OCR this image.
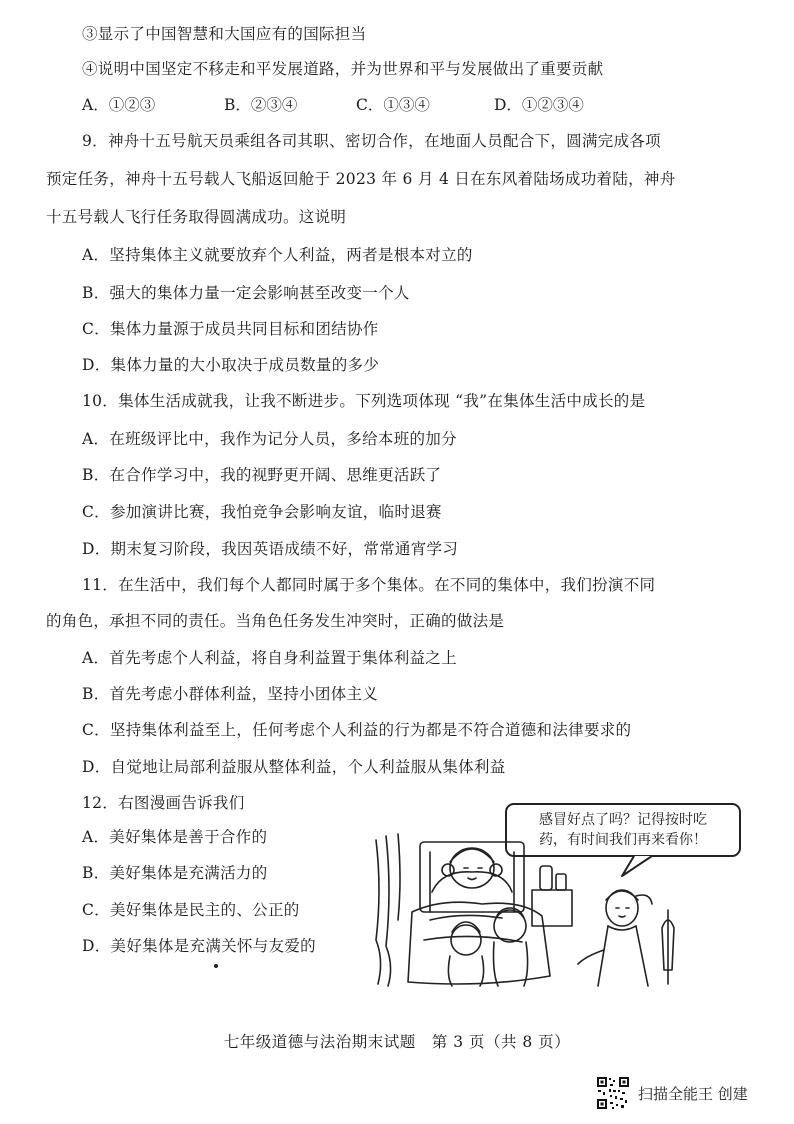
③显示了中国智慧和大国应有的国际担当
④说明中国坚定不移走和平发展道路，并为世界和平与发展做出了重要贡献
A．①②③	B．②③④	C．①③④	D．①②③④
9．神舟十五号航天员乘组各司其职、密切合作，在地面人员配合下，圆满完成各项
预定任务，神舟十五号载人飞船返回舱于 2023 年 6 月 4 日在东风着陆场成功着陆，神舟
十五号载人飞行任务取得圆满成功。这说明
A．坚持集体主义就要放弃个人利益，两者是根本对立的
B．强大的集体力量一定会影响甚至改变一个人
C．集体力量源于成员共同目标和团结协作
D．集体力量的大小取决于成员数量的多少
10．集体生活成就我，让我不断进步。下列选项体现 “我”在集体生活中成长的是
A．在班级评比中，我作为记分人员，多给本班的加分
B．在合作学习中，我的视野更开阔、思维更活跃了
C．参加演讲比赛，我怕竞争会影响友谊，临时退赛
D．期末复习阶段，我因英语成绩不好，常常通宵学习
11．在生活中，我们每个人都同时属于多个集体。在不同的集体中，我们扮演不同
的角色，承担不同的责任。当角色任务发生冲突时，正确的做法是
A．首先考虑个人利益，将自身利益置于集体利益之上
B．首先考虑小群体利益，坚持小团体主义
C．坚持集体利益至上，任何考虑个人利益的行为都是不符合道德和法律要求的
D．自觉地让局部利益服从整体利益，个人利益服从集体利益
12．右图漫画告诉我们
A．美好集体是善于合作的
B．美好集体是充满活力的
C．美好集体是民主的、公正的
D．美好集体是充满关怀与友爱的
感冒好点了吗？记得按时吃
药，有时间我们再来看你！
七年级道德与法治期末试题　第 3 页（共 8 页）
扫描全能王 创建
